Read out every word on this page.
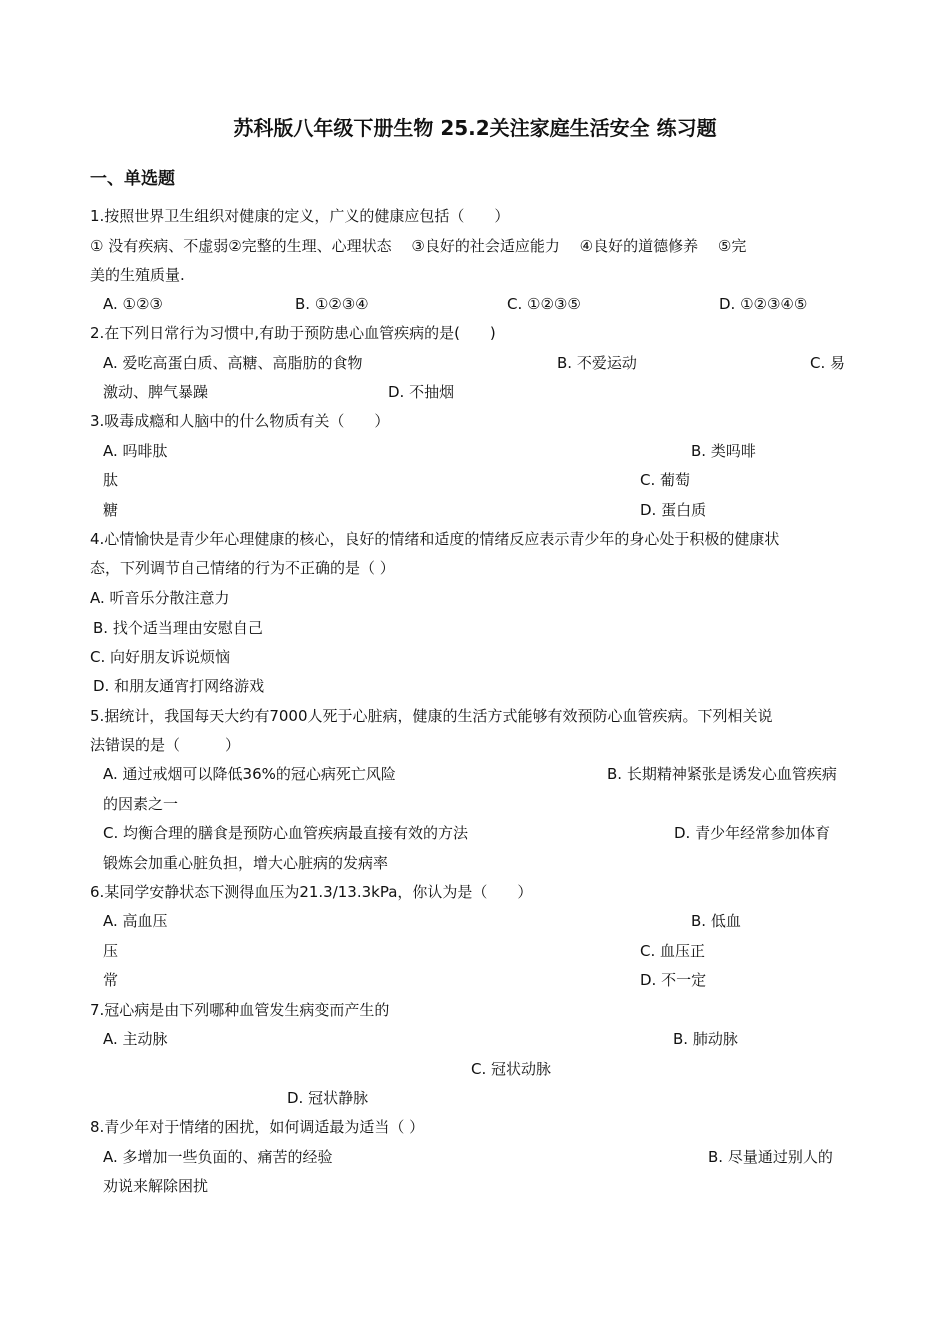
苏科版八年级下册生物 25.2关注家庭生活安全 练习题
一、单选题
1.按照世界卫生组织对健康的定义，广义的健康应包括（　　）
① 没有疾病、不虚弱②完整的生理、心理状态　 ③良好的社会适应能力　 ④良好的道德修养　 ⑤完
美的生殖质量.
A. ①②③	B. ①②③④	C. ①②③⑤	D. ①②③④⑤
2.在下列日常行为习惯中,有助于预防患心血管疾病的是(　　)
A. 爱吃高蛋白质、高糖、高脂肪的食物	B. 不爱运动	C. 易
激动、脾气暴躁	D. 不抽烟
3.吸毒成瘾和人脑中的什么物质有关（　　）
A. 吗啡肽	B. 类吗啡
肽	C. 葡萄
糖	D. 蛋白质
4.心情愉快是青少年心理健康的核心，良好的情绪和适度的情绪反应表示青少年的身心处于积极的健康状
态，下列调节自己情绪的行为不正确的是（ ）
A. 听音乐分散注意力
B. 找个适当理由安慰自己
C. 向好朋友诉说烦恼
D. 和朋友通宵打网络游戏
5.据统计，我国每天大约有7000人死于心脏病，健康的生活方式能够有效预防心血管疾病。下列相关说
法错误的是（　　　）
A. 通过戒烟可以降低36%的冠心病死亡风险	B. 长期精神紧张是诱发心血管疾病
的因素之一
C. 均衡合理的膳食是预防心血管疾病最直接有效的方法	D. 青少年经常参加体育
锻炼会加重心脏负担，增大心脏病的发病率
6.某同学安静状态下测得血压为21.3/13.3kPa，你认为是（　　）
A. 高血压	B. 低血
压	C. 血压正
常	D. 不一定
7.冠心病是由下列哪种血管发生病变而产生的
A. 主动脉	B. 肺动脉
C. 冠状动脉
D. 冠状静脉
8.青少年对于情绪的困扰，如何调适最为适当（ ）
A. 多增加一些负面的、痛苦的经验	B. 尽量通过别人的
劝说来解除困扰
